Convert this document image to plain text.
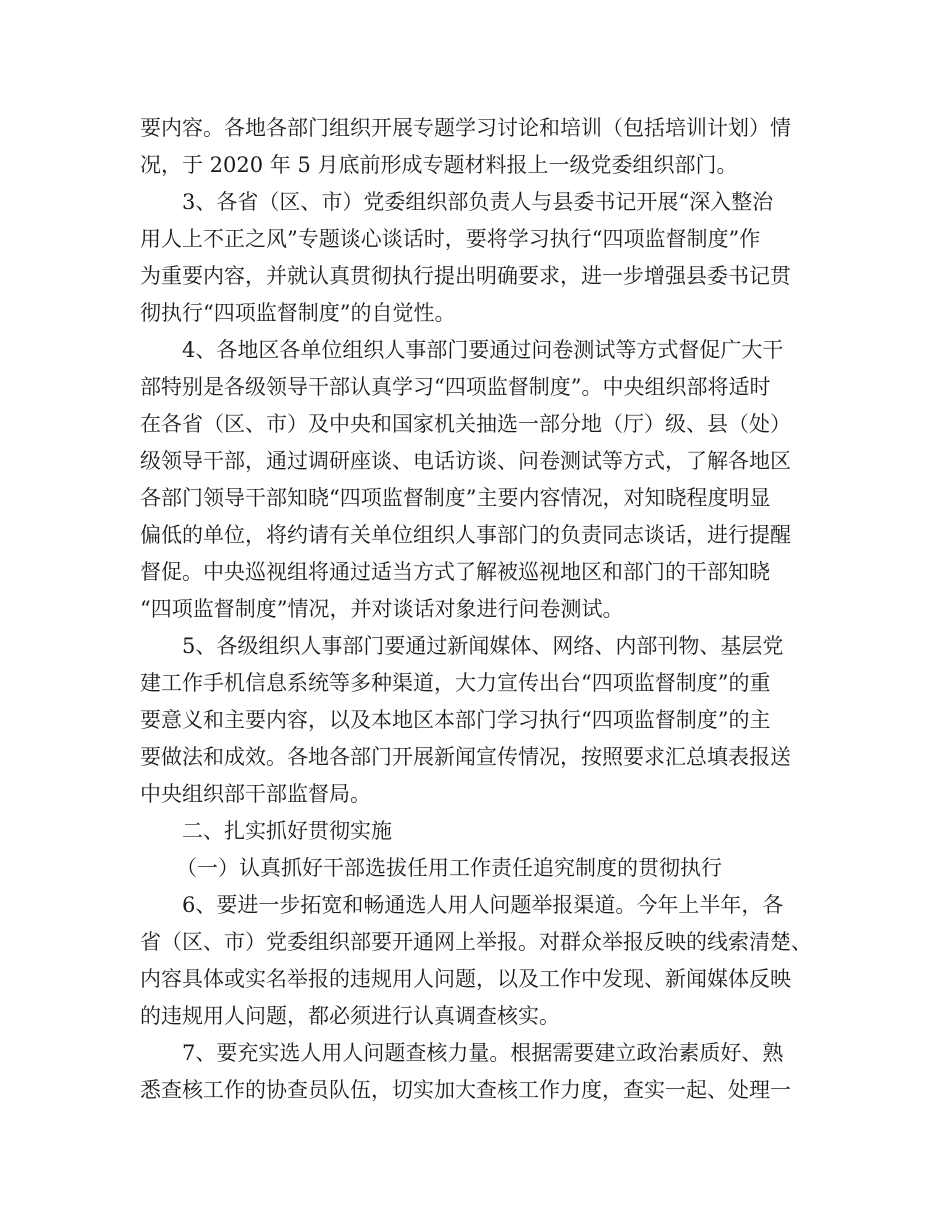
要内容。各地各部门组织开展专题学习讨论和培训（包括培训计划）情
况，于 2020 年 5 月底前形成专题材料报上一级党委组织部门。
3、各省（区、市）党委组织部负责人与县委书记开展“深入整治
用人上不正之风”专题谈心谈话时，要将学习执行“四项监督制度”作
为重要内容，并就认真贯彻执行提出明确要求，进一步增强县委书记贯
彻执行“四项监督制度”的自觉性。
4、各地区各单位组织人事部门要通过问卷测试等方式督促广大干
部特别是各级领导干部认真学习“四项监督制度”。中央组织部将适时
在各省（区、市）及中央和国家机关抽选一部分地（厅）级、县（处）
级领导干部，通过调研座谈、电话访谈、问卷测试等方式，了解各地区
各部门领导干部知晓“四项监督制度”主要内容情况，对知晓程度明显
偏低的单位，将约请有关单位组织人事部门的负责同志谈话，进行提醒
督促。中央巡视组将通过适当方式了解被巡视地区和部门的干部知晓
“四项监督制度”情况，并对谈话对象进行问卷测试。
5、各级组织人事部门要通过新闻媒体、网络、内部刊物、基层党
建工作手机信息系统等多种渠道，大力宣传出台“四项监督制度”的重
要意义和主要内容，以及本地区本部门学习执行“四项监督制度”的主
要做法和成效。各地各部门开展新闻宣传情况，按照要求汇总填表报送
中央组织部干部监督局。
二、扎实抓好贯彻实施
（一）认真抓好干部选拔任用工作责任追究制度的贯彻执行
6、要进一步拓宽和畅通选人用人问题举报渠道。今年上半年，各
省（区、市）党委组织部要开通网上举报。对群众举报反映的线索清楚、
内容具体或实名举报的违规用人问题，以及工作中发现、新闻媒体反映
的违规用人问题，都必须进行认真调查核实。
7、要充实选人用人问题查核力量。根据需要建立政治素质好、熟
悉查核工作的协查员队伍，切实加大查核工作力度，查实一起、处理一
